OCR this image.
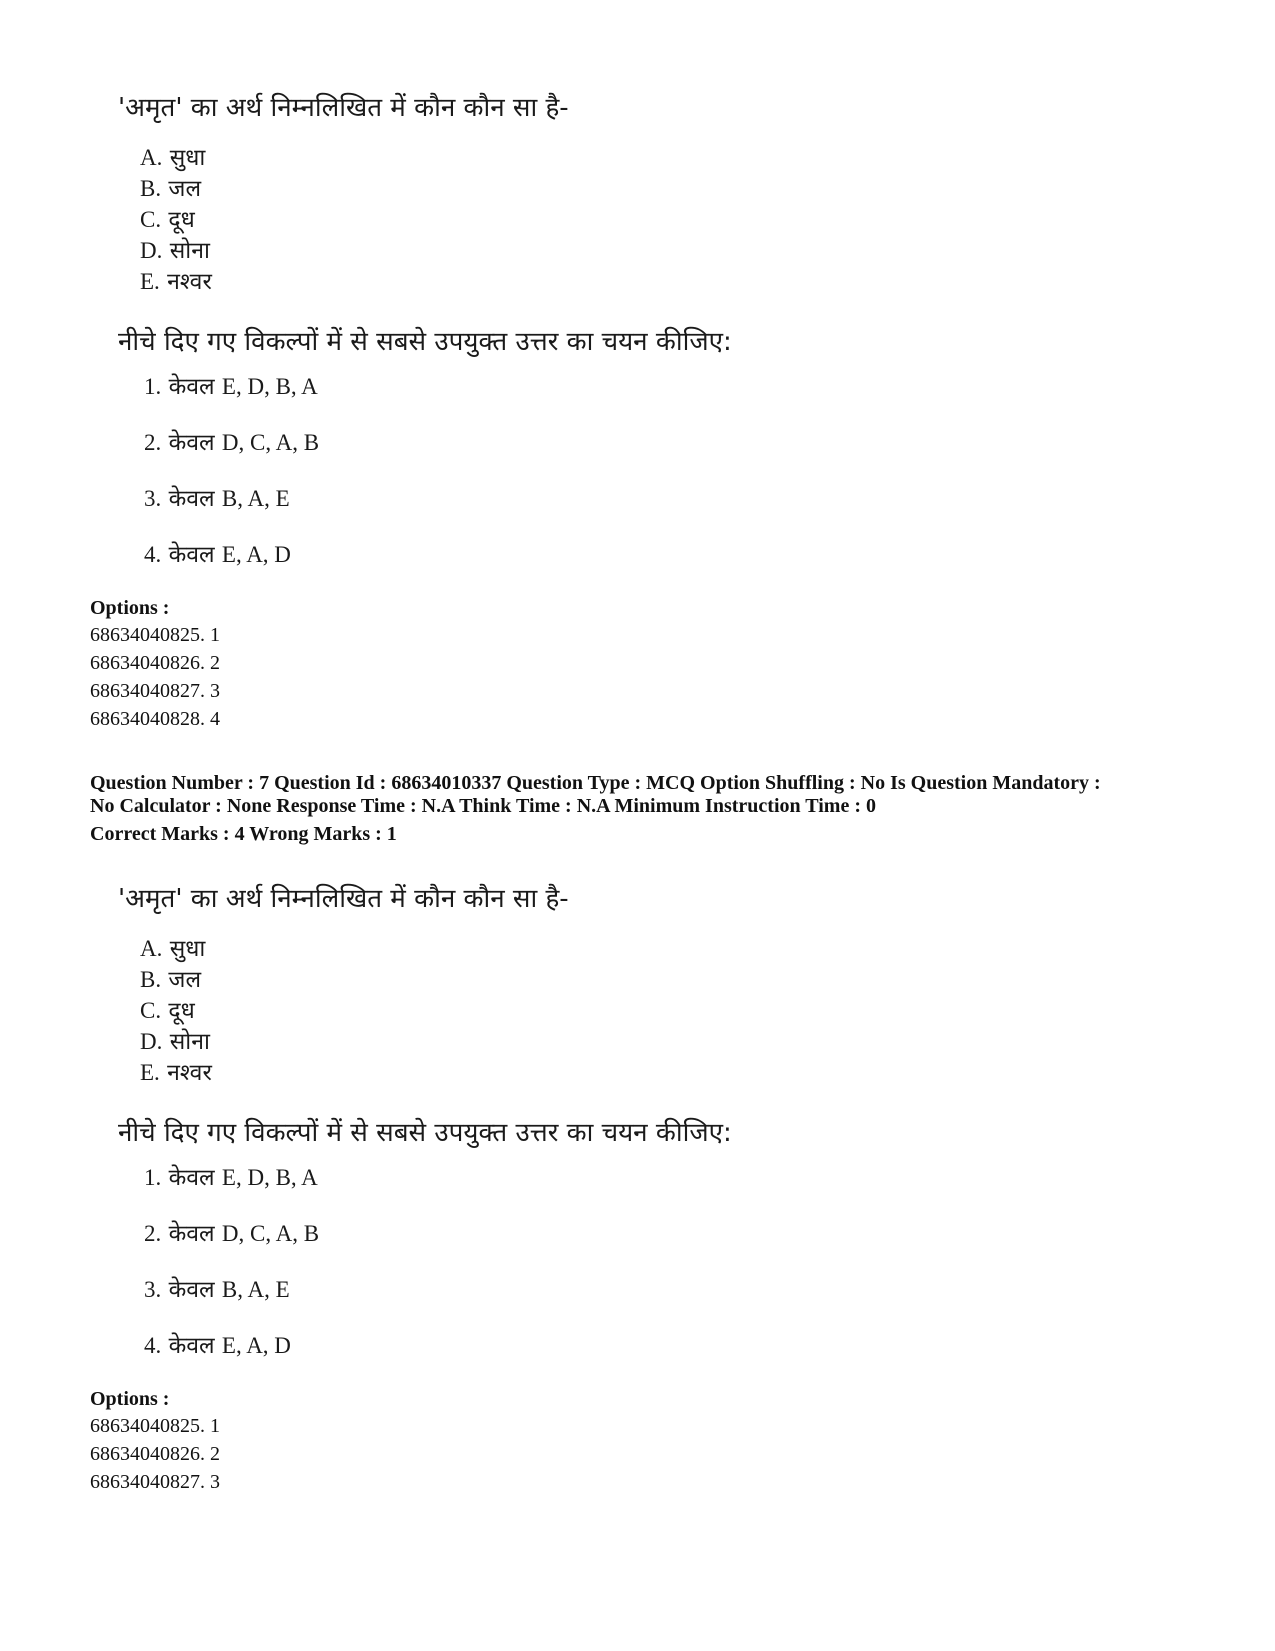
'अमृत' का अर्थ निम्नलिखित में कौन कौन सा है-
A. सुधा
B. जल
C. दूध
D. सोना
E. नश्वर
नीचे दिए गए विकल्पों में से सबसे उपयुक्त उत्तर का चयन कीजिए:
1. केवल E, D, B, A
2. केवल D, C, A, B
3. केवल B, A, E
4. केवल E, A, D
Options :
68634040825. 1
68634040826. 2
68634040827. 3
68634040828. 4
Question Number : 7 Question Id : 68634010337 Question Type : MCQ Option Shuffling : No Is Question Mandatory :
No Calculator : None Response Time : N.A Think Time : N.A Minimum Instruction Time : 0
Correct Marks : 4 Wrong Marks : 1
'अमृत' का अर्थ निम्नलिखित में कौन कौन सा है-
A. सुधा
B. जल
C. दूध
D. सोना
E. नश्वर
नीचे दिए गए विकल्पों में से सबसे उपयुक्त उत्तर का चयन कीजिए:
1. केवल E, D, B, A
2. केवल D, C, A, B
3. केवल B, A, E
4. केवल E, A, D
Options :
68634040825. 1
68634040826. 2
68634040827. 3
